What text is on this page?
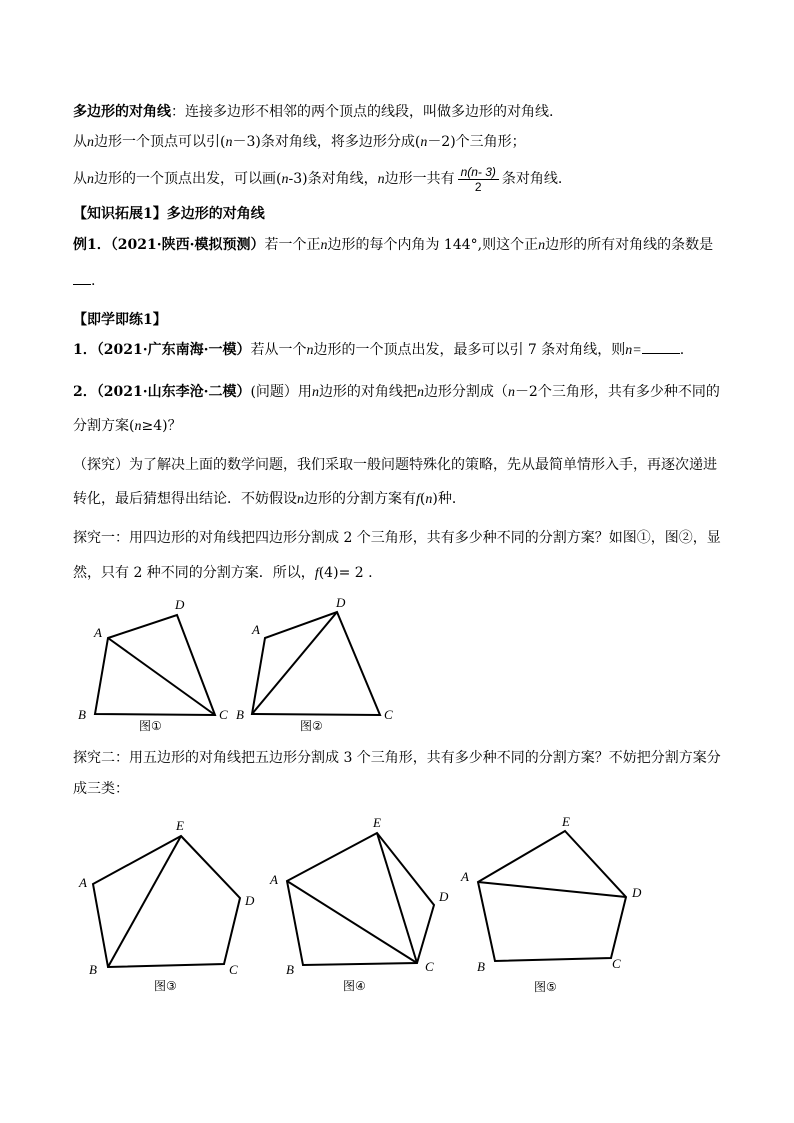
多边形的对角线：连接多边形不相邻的两个顶点的线段，叫做多边形的对角线.
从n边形一个顶点可以引(n－3)条对角线，将多边形分成(n－2)个三角形；
从n边形的一个顶点出发，可以画(n-3)条对角线，n边形一共有 $\frac{n(n- 3)}{2}$ 条对角线.
【知识拓展1】多边形的对角线
例1．（2021·陕西·模拟预测）若一个正n边形的每个内角为 144°,则这个正n边形的所有对角线的条数是
.
【即学即练1】
1．（2021·广东南海·一模）若从一个n边形的一个顶点出发，最多可以引 7 条对角线，则n=	.
2．（2021·山东李沧·二模）(问题）用n边形的对角线把n边形分割成（n－2个三角形，共有多少种不同的
分割方案(n≥4)？
（探究）为了解决上面的数学问题，我们采取一般问题特殊化的策略，先从最简单情形入手，再逐次递进
转化，最后猜想得出结论．不妨假设n边形的分割方案有f(n)种．
探究一：用四边形的对角线把四边形分割成 2 个三角形，共有多少种不同的分割方案？如图①，图②，显
然，只有 2 种不同的分割方案．所以，f(4)= 2 .
A
D
B	C
图①
A
D
B	C
图②
探究二：用五边形的对角线把五边形分割成 3 个三角形，共有多少种不同的分割方案？不妨把分割方案分
成三类：
E
A
D
B	C
图③
E
A
D
B	C
图④
E
A
D
B	C
图⑤
